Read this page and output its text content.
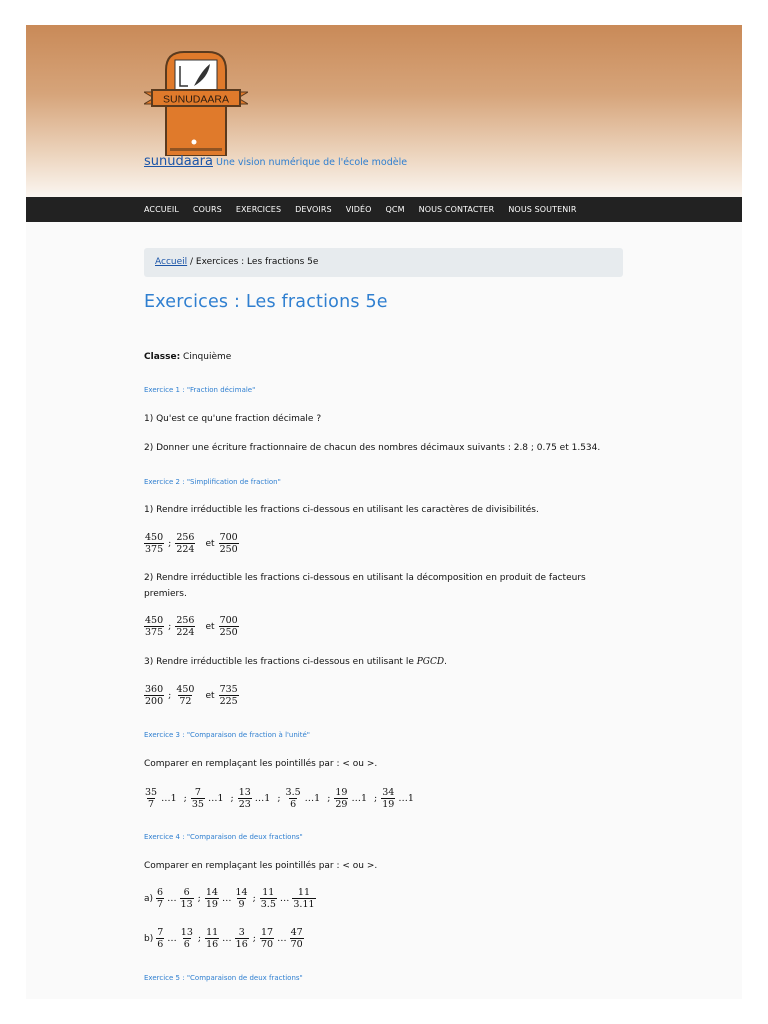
SUNUDAARA
sunudaara Une vision numérique de l'école modèle
ACCUEIL COURS EXERCICES DEVOIRS VIDÉO QCM NOUS CONTACTER NOUS SOUTENIR
Accueil / Exercices : Les fractions 5e
Exercices : Les fractions 5e
Classe: Cinquième
Exercice 1 : "Fraction décimale"
1) Qu'est ce qu'une fraction décimale ?
2) Donner une écriture fractionnaire de chacun des nombres décimaux suivants : 2.8 ; 0.75 et 1.534.
Exercice 2 : "Simplification de fraction"
1) Rendre irréductible les fractions ci-dessous en utilisant les caractères de divisibilités.
$\frac{450}{375}$ ; $\frac{256}{224}$ et $\frac{700}{250}$
2) Rendre irréductible les fractions ci-dessous en utilisant la décomposition en produit de facteurs
premiers.
$\frac{450}{375}$ ; $\frac{256}{224}$ et $\frac{700}{250}$
3) Rendre irréductible les fractions ci-dessous en utilisant le PGCD.
$\frac{360}{200}$ ; $\frac{450}{72}$ et $\frac{735}{225}$
Exercice 3 : "Comparaison de fraction à l'unité"
Comparer en remplaçant les pointillés par : < ou >.
$\frac{35}{7}$ …1 ; $\frac{7}{35}$ …1 ; $\frac{13}{23}$ …1 ; $\frac{3.5}{6}$ …1 ; $\frac{19}{29}$ …1 ; $\frac{34}{19}$ …1
Exercice 4 : "Comparaison de deux fractions"
Comparer en remplaçant les pointillés par : < ou >.
$a) \frac{6}{7}$ … $\frac{6}{13}$ ; $\frac{14}{19}$ … $\frac{14}{9}$ ; $\frac{11}{3.5}$ … $\frac{11}{3.11}$
$b) \frac{7}{6}$ … $\frac{13}{6}$ ; $\frac{11}{16}$ … $\frac{3}{16}$ ; $\frac{17}{70}$ … $\frac{47}{70}$
Exercice 5 : "Comparaison de deux fractions"
